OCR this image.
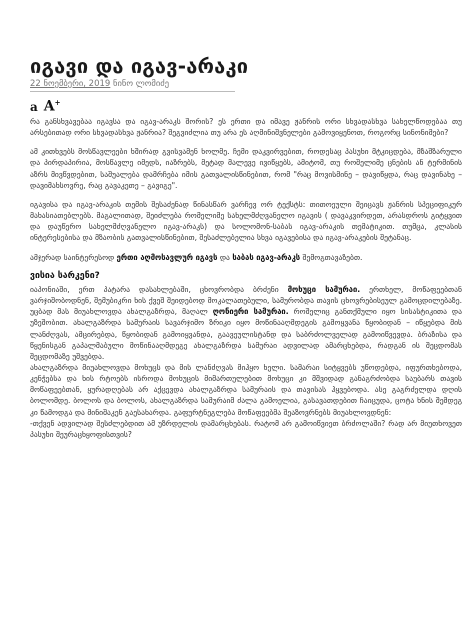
იგავი და იგავ-არაკი
22 ნოემბერი, 2019 ნინო ლომიძე
a A+

რა განსხვავებაა იგავსა და იგავ-არაკს შორის? ეს ერთი და იმავე ჟანრის ორი სხვადასხვა სახელწოდებაა თუ არსებითად ორი სხვადასხვა ჟანრია? შეგვიძლია თუ არა ეს აღმინიშვნელები გამოვიყენოთ, როგორც სინონიმები?

ამ კითხვებს მოსწავლეები ხშირად გვისვამენ ხოლმე. ჩემი დაკვირვებით, როდესაც პასუხი მტკიცდება, მზაშზარული და პირდაპირია, მოსწავლე იმედს, იაზრებს, მეტად მალევე ივიწყებს, ამიტომ, თუ როშელიმე ცნების ან ტერმინის აზრს მივწვდებით, საშუალება დამრჩება იმის გათვალისწინებით, რომ "რაც მოვისმინე – დავიწყდა, რაც დავინახე – დავიმახსოვრე, რაც გავაკეთე – გავიგე".

იგავისა და იგავ-არაკის თემის შესაძენად წინასწარ ვარჩევ ორ ტექსტს: თითოეული შეიცავს ჟანრის სპეციფიკურ მახასიათებლებს. მაგალითად, შეიძლება რომელიმე სახელმძღვანელო იგავის ( დავაკვირდეთ, არასდროს გიტყვით და დაუწერო სახელმძღვანელო იგავ-არაკს) და სოლომონ-საბას იგავ-არაკის თემატიკით. თუმცა, კლასის ინტერესებისა და მზაობის გათვალისწინებით, შესაძლებელია სხვა იგავებისა და იგავ-არაკების შეტანაც.

ამჯერად საინტერესოდ ერთი აღმოსავლურ იგავს და საბას იგავ-არაკს შემოგთავაზებთ.

ვისია სარკენი?

იაპონიაში, ერთ პატარა დასახლებაში, ცხოვრობდა ბრძენი მოხუცი სამურაი. ერთხელ, მოწაფეებთან ვარჯიშობოდნენ, შემუბიკრი ხის ქვეშ შეიდებოდ მოკალათებული, სამურობდა თავის ცხოვრებისეულ გამოცდილებაზე. უცბად მას მიუახლოვდა ახალგაზრდა, მაღალ ღონიერი სამურაი. როშელიც განთქმული იყო სისასტიკითა და უზეშობით. ახალგაზრდა სამურაის სავარჯიმო ზრიკი იყო მოწინააღმდეგის გამოყვანა წყობიდან – იწყებდა მის ლანძღვას, ამცირებდა, წყობიდან გამოიყვანდა, გაავეულისტანდ და საბრძოლველად გამოიწვევდა. ბრაზისა და წყენისგან გაპალმაბული მოწინააღმდეგე ახალგაზრდა სამურაი ადვილად ამარცხებდა, რადგან ის შეცდომას შეცდომაზე უშვებდა.

ახალგაზრდა მიუახლოვდა მოხუცს და მის ლანძღვას მიჰყო ხელი. სამარაი სიტყვებს უწოდებდა, იფურთხებოდა, კენჭებსა და ხის რტოებს ისროდა მოხუცის მიმართულებით მოხუცი კი მშვიდად განაგრძობდა საუბარს თავის მოწაფეებთან, ყურადღებას არ აქცევდა ახალგაზრდა სამურაის და თავისას ჰყვებოდა. ასე გაგრძელდა დღის ბოლომდე. ბოლოს და ბოლოს, ახალგაზრდა სამურაიმ ძალა გამოელია, გასავათდებით ჩაიცუდა, ცოტა ხნის შემდეგ კი წამოდგა და მინიშაკენ გაესახარდა. გაფურტნეგლება მოწაფეებმა შეაზოვრნებს მიუახლოვდნენ:

-თქვენ ადვილად შესძლებდით ამ უზრდელის დამარცხებას. რატომ არ გამოიწვიეთ ბრძოლაში? რად არ მიუთხოვეთ პასუხი შეურაცხყოფისთვის?
